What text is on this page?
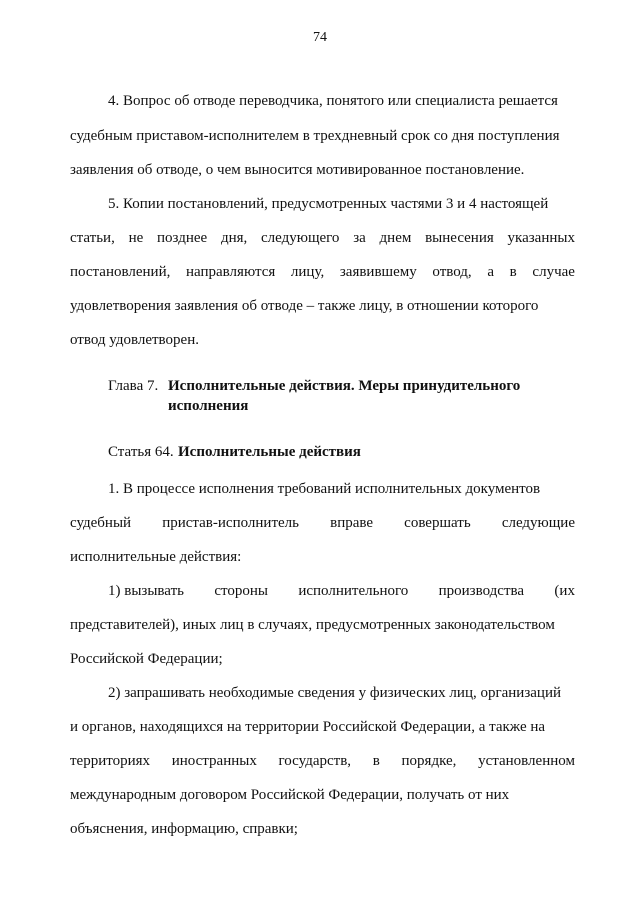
74
4. Вопрос об отводе переводчика, понятого или специалиста решается
судебным приставом-исполнителем в трехдневный срок со дня поступления
заявления об отводе, о чем выносится мотивированное постановление.
5. Копии постановлений, предусмотренных частями 3 и 4 настоящей
статьи, не позднее дня, следующего за днем вынесения указанных
постановлений, направляются лицу, заявившему отвод, а в случае
удовлетворения заявления об отводе – также лицу, в отношении которого
отвод удовлетворен.
Глава 7. Исполнительные действия. Меры принудительного
исполнения
Статья 64. Исполнительные действия
1. В процессе исполнения требований исполнительных документов
судебный пристав-исполнитель вправе совершать следующие
исполнительные действия:
1) вызывать стороны исполнительного производства (их
представителей), иных лиц в случаях, предусмотренных законодательством
Российской Федерации;
2) запрашивать необходимые сведения у физических лиц, организаций
и органов, находящихся на территории Российской Федерации, а также на
территориях иностранных государств, в порядке, установленном
международным договором Российской Федерации, получать от них
объяснения, информацию, справки;
